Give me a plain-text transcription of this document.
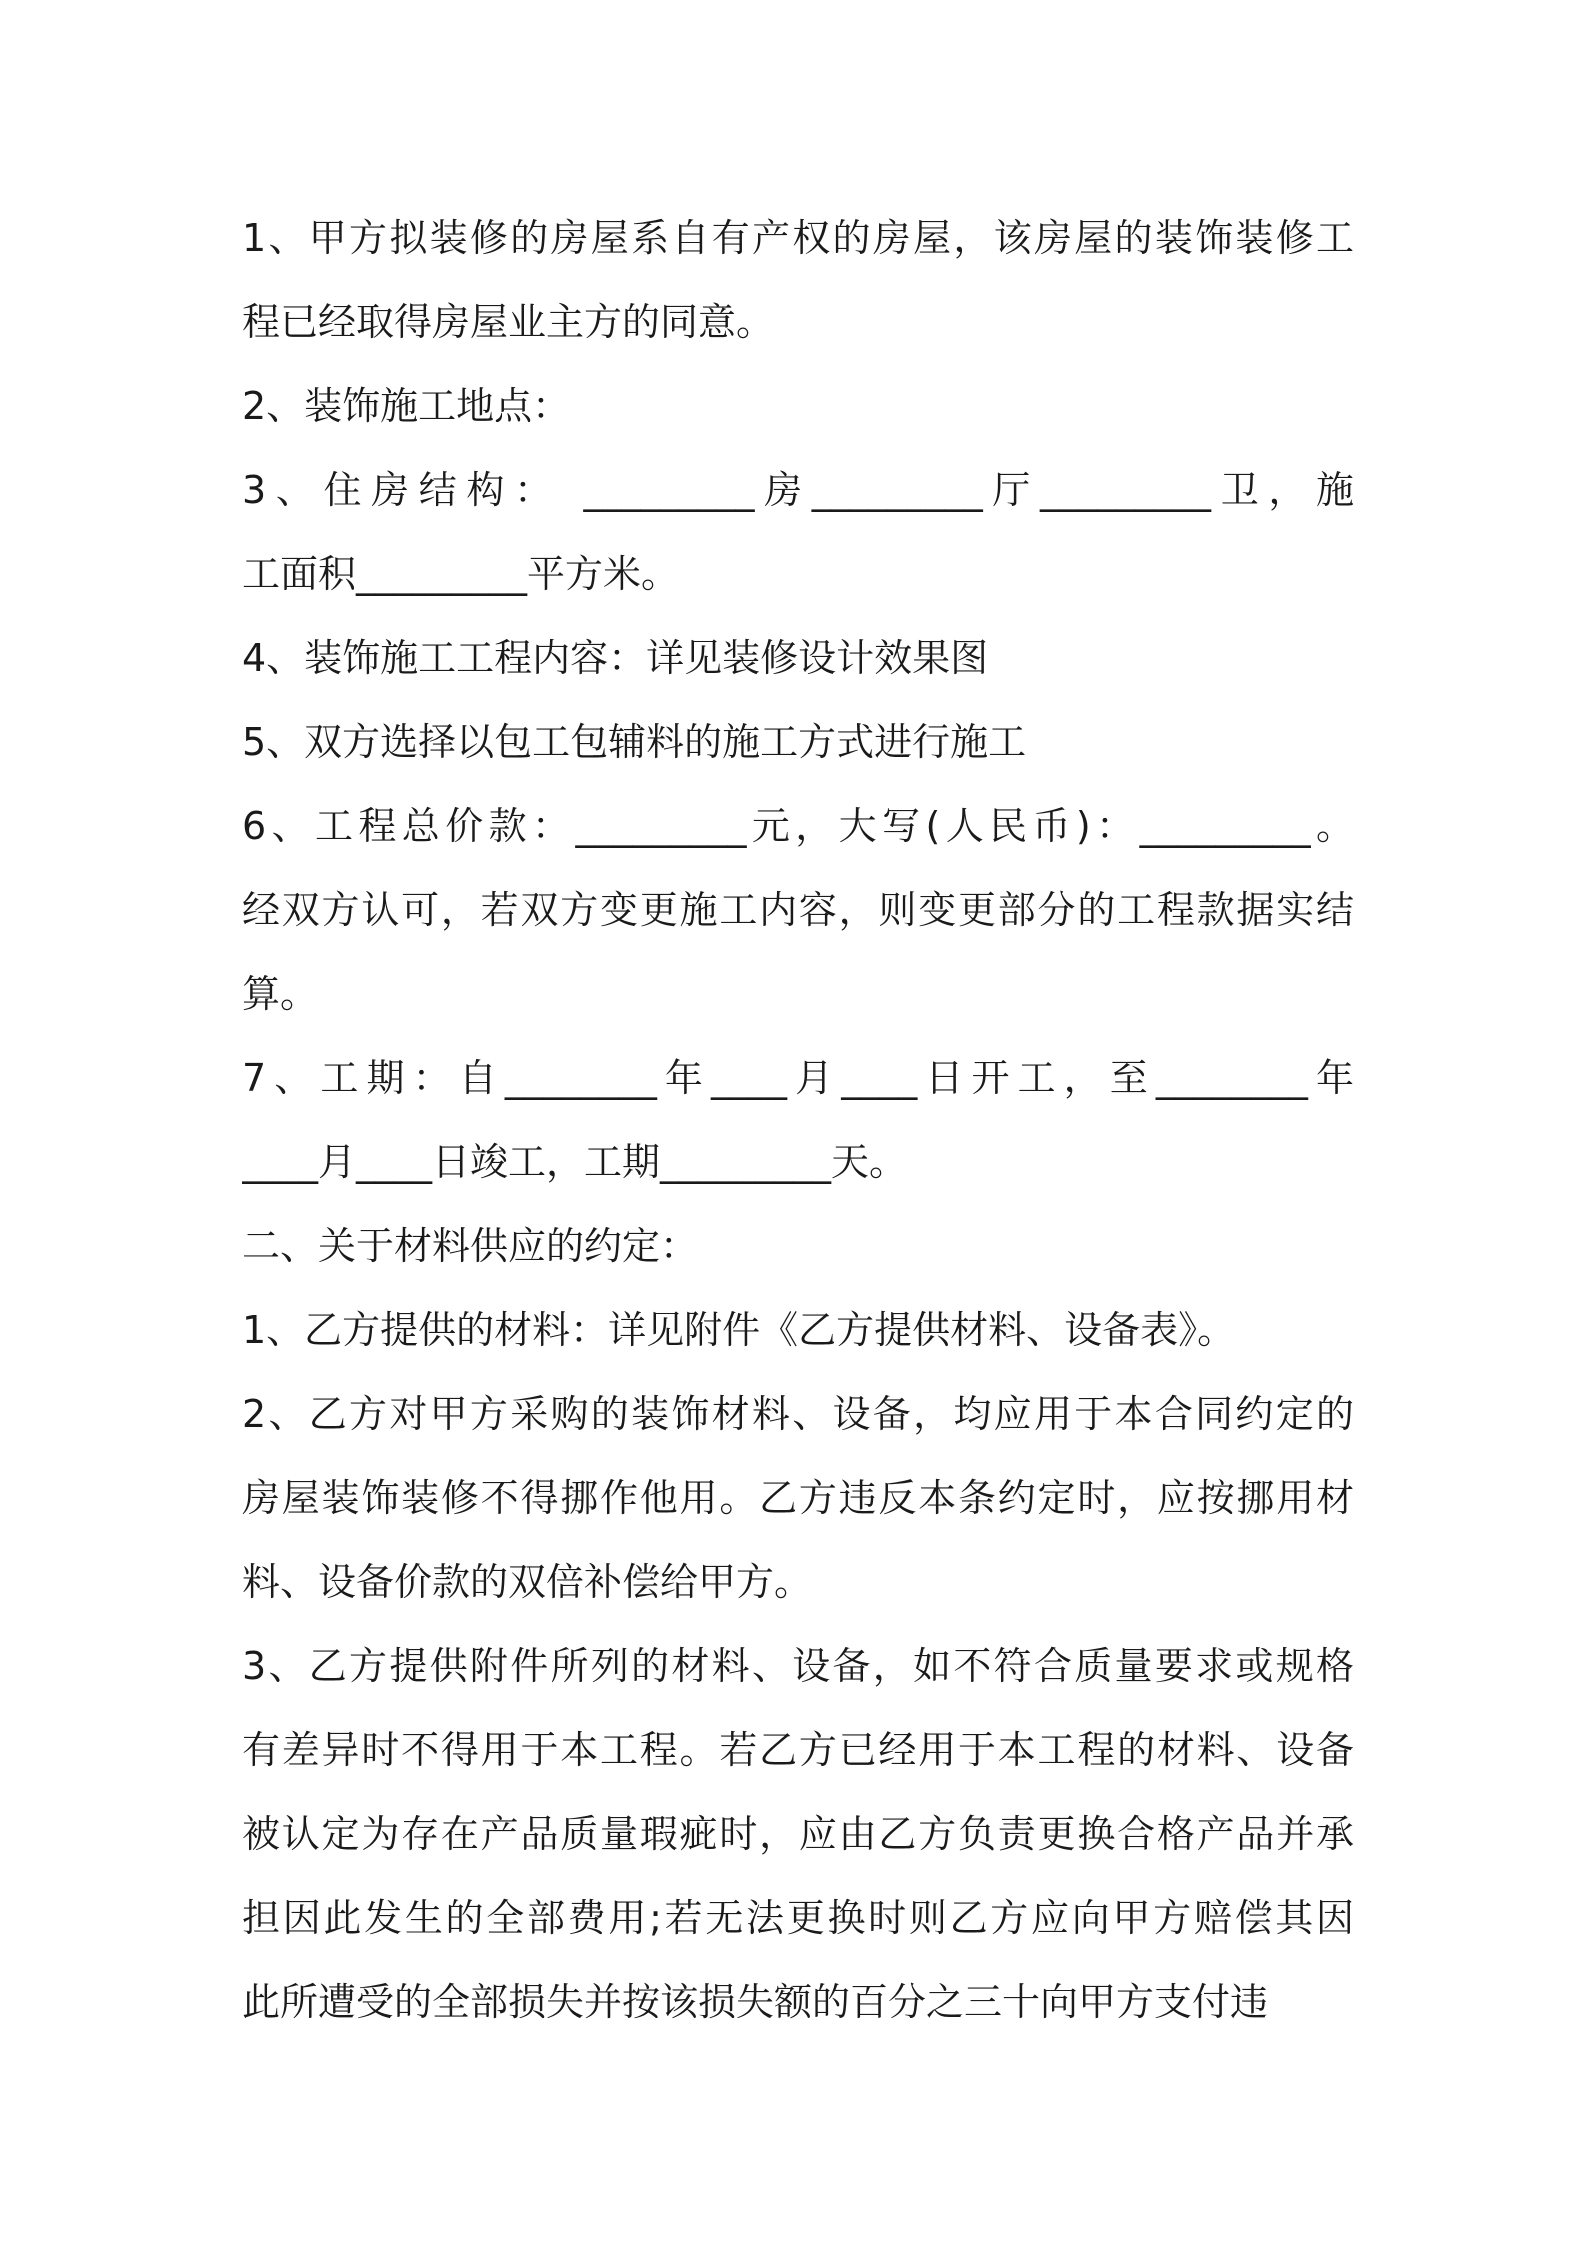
1、甲方拟装修的房屋系自有产权的房屋，该房屋的装饰装修工
程已经取得房屋业主方的同意。
2、装饰施工地点：
3、住房结构： _________房_________厅_________卫，施
工面积_________平方米。
4、装饰施工工程内容：详见装修设计效果图
5、双方选择以包工包辅料的施工方式进行施工
6、工程总价款：_________元，大写(人民币)：_________。
经双方认可，若双方变更施工内容，则变更部分的工程款据实结
算。
7、工期：自________年____月____日开工，至________年
____月____日竣工，工期_________天。
二、关于材料供应的约定：
1、乙方提供的材料：详见附件《乙方提供材料、设备表》。
2、乙方对甲方采购的装饰材料、设备，均应用于本合同约定的
房屋装饰装修不得挪作他用。乙方违反本条约定时，应按挪用材
料、设备价款的双倍补偿给甲方。
3、乙方提供附件所列的材料、设备，如不符合质量要求或规格
有差异时不得用于本工程。若乙方已经用于本工程的材料、设备
被认定为存在产品质量瑕疵时，应由乙方负责更换合格产品并承
担因此发生的全部费用;若无法更换时则乙方应向甲方赔偿其因
此所遭受的全部损失并按该损失额的百分之三十向甲方支付违
